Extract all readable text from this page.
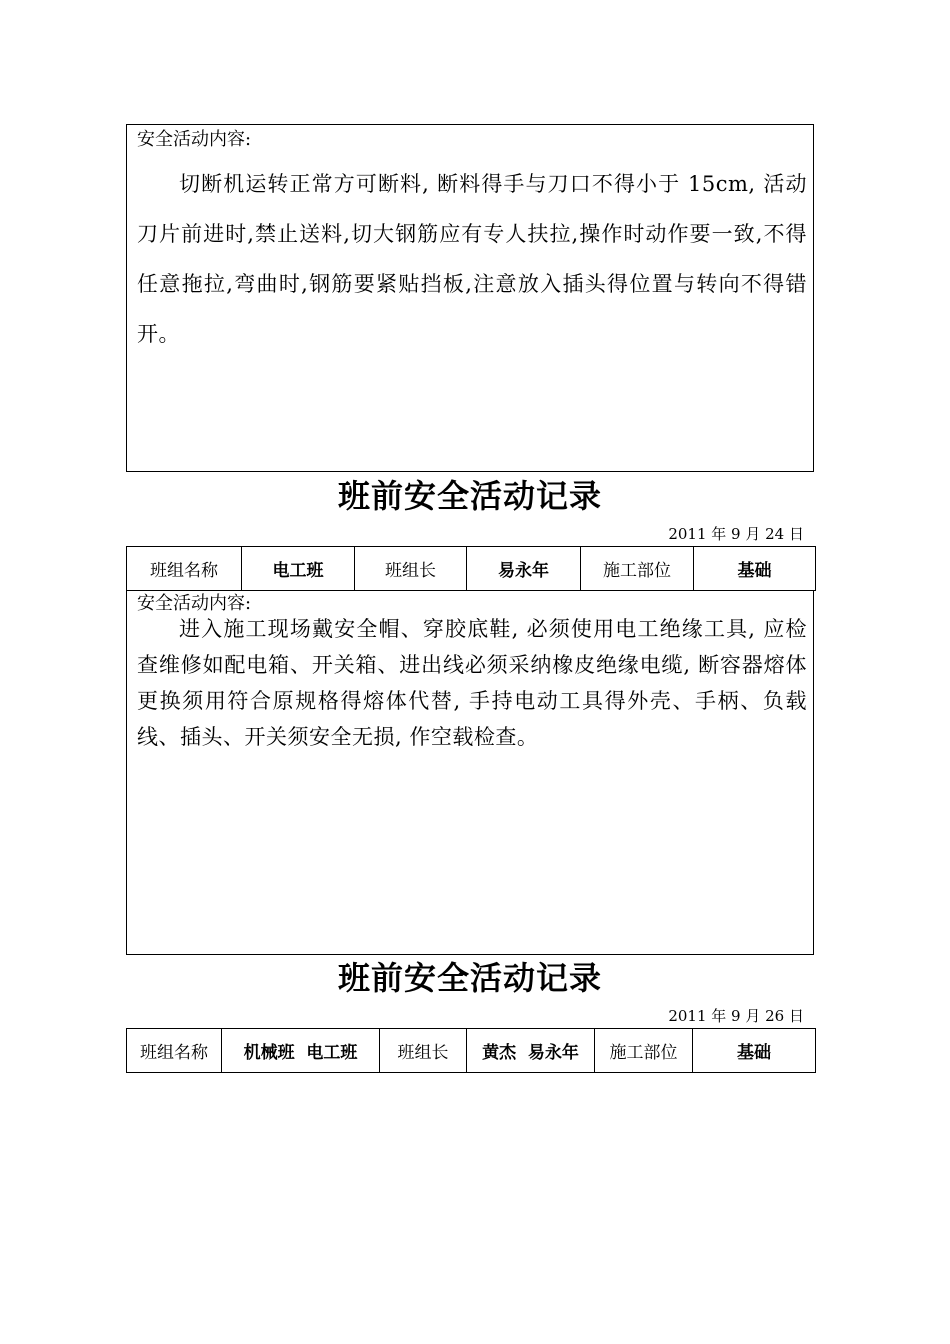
安全活动内容:
切断机运转正常方可断料, 断料得手与刀口不得小于 15cm, 活动刀片前进时,禁止送料,切大钢筋应有专人扶拉,操作时动作要一致,不得任意拖拉,弯曲时,钢筋要紧贴挡板,注意放入插头得位置与转向不得错开。
班前安全活动记录
2011 年 9 月 24 日
班组名称	电工班	班组长	易永年	施工部位	基础
安全活动内容:
进入施工现场戴安全帽、穿胶底鞋, 必须使用电工绝缘工具, 应检查维修如配电箱、开关箱、进出线必须采纳橡皮绝缘电缆, 断容器熔体更换须用符合原规格得熔体代替, 手持电动工具得外壳、手柄、负载线、插头、开关须安全无损, 作空载检查。
班前安全活动记录
2011 年 9 月 26 日
班组名称	机械班  电工班	班组长	黄杰  易永年	施工部位	基础
